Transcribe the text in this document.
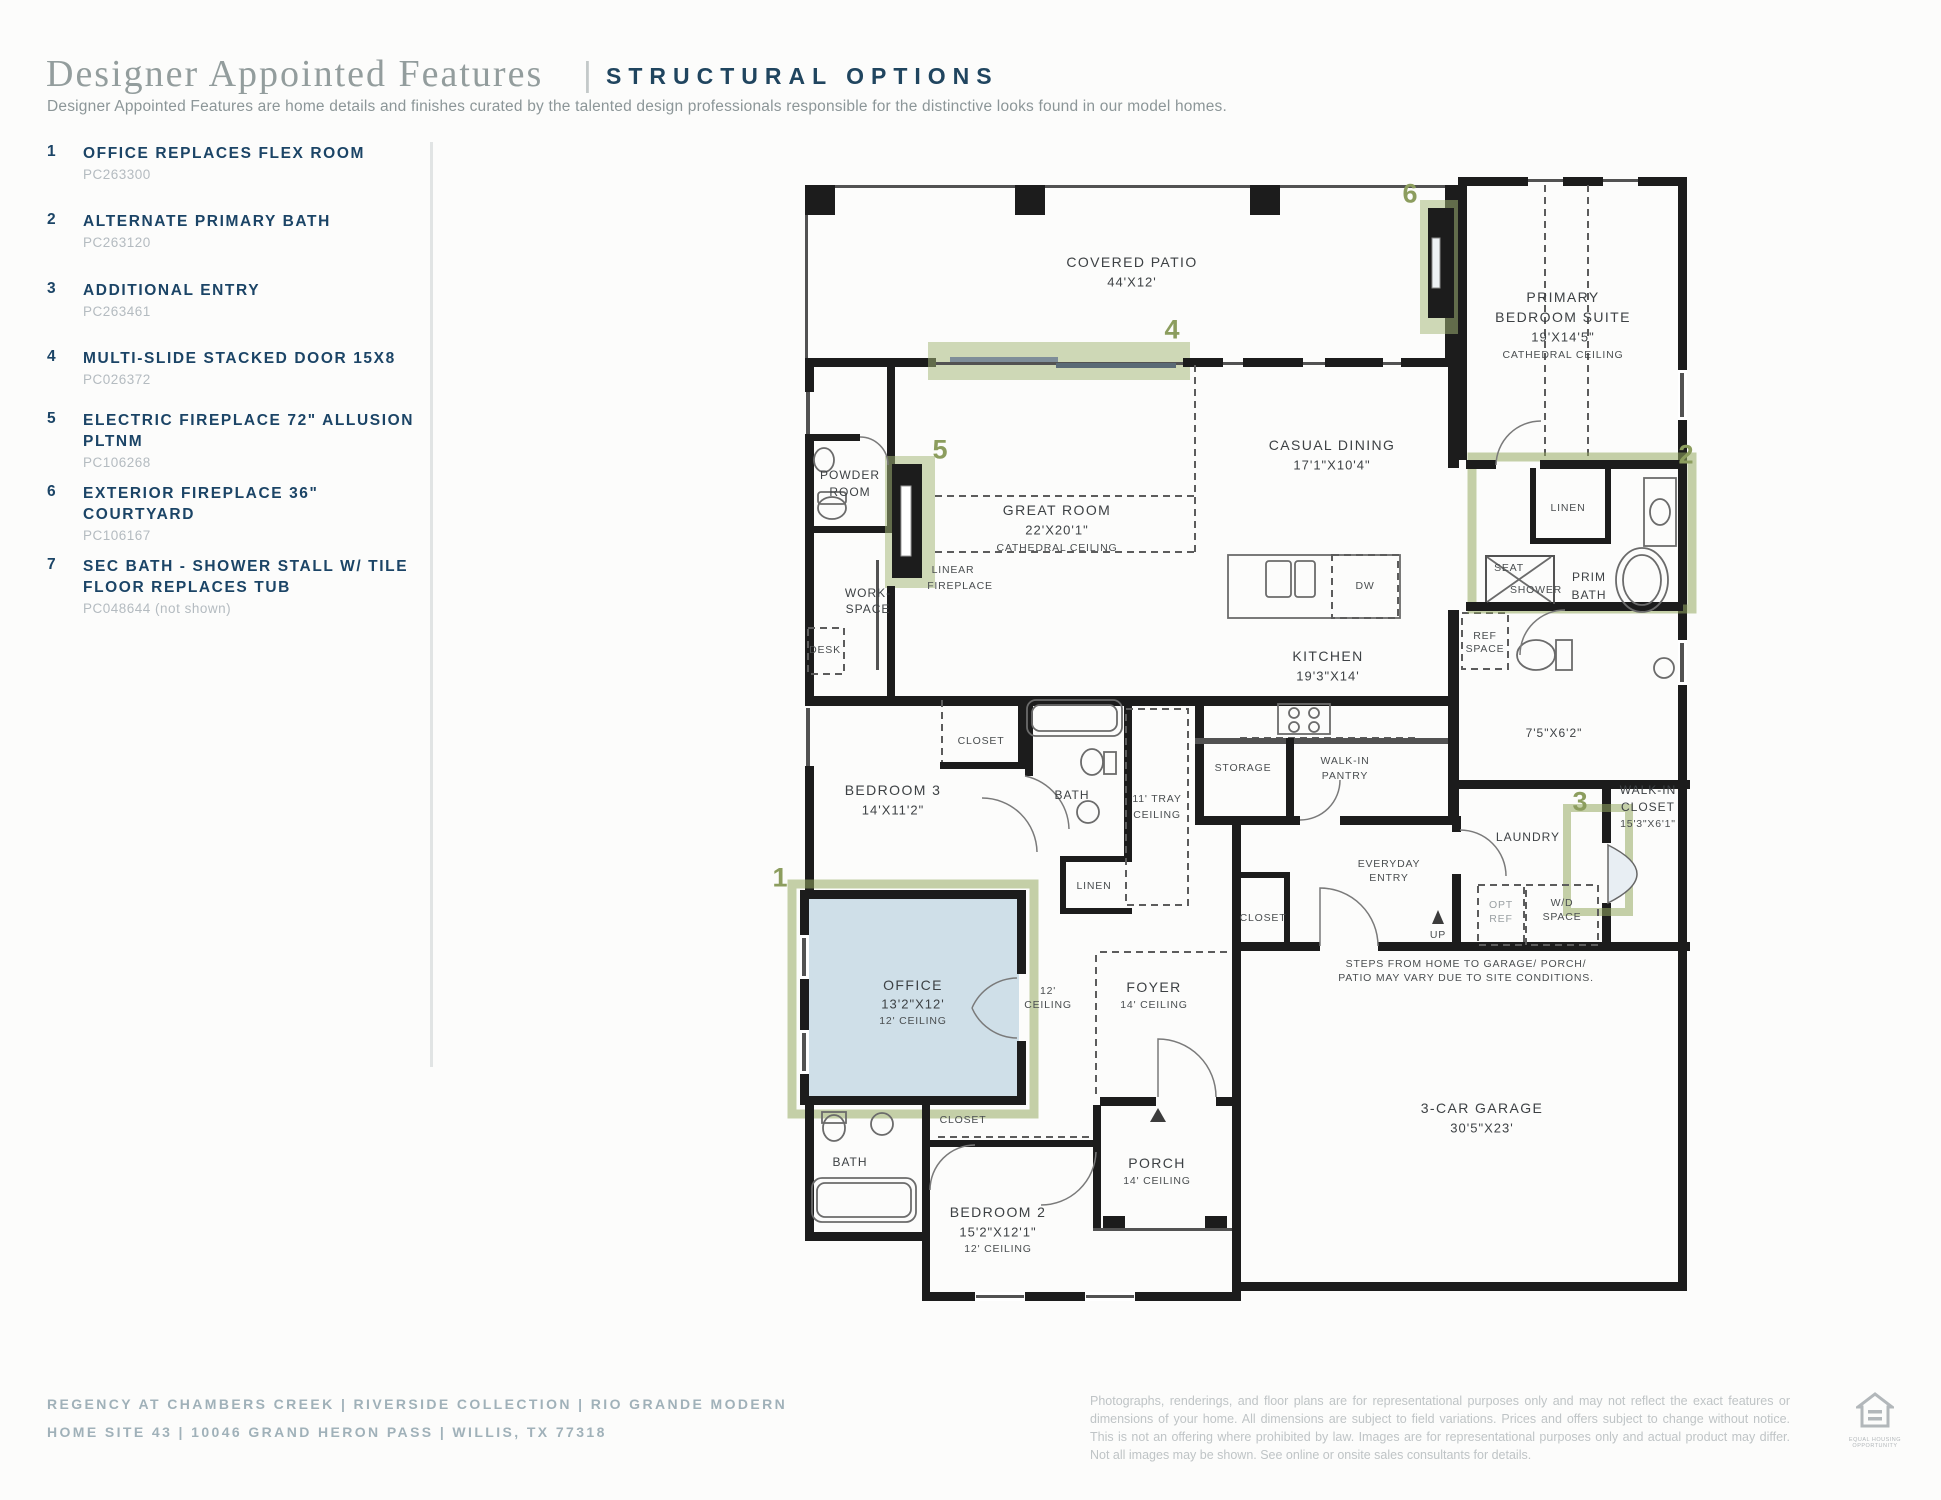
Designer Appointed Features | STRUCTURAL OPTIONS
Designer Appointed Features are home details and finishes curated by the talented design professionals responsible for the distinctive looks found in our model homes.
1	OFFICE REPLACES FLEX ROOM
PC263300
2	ALTERNATE PRIMARY BATH
PC263120
3	ADDITIONAL ENTRY
PC263461
4	MULTI-SLIDE STACKED DOOR 15X8
PC026372
5	ELECTRIC FIREPLACE 72" ALLUSION PLTNM
PC106268
6	EXTERIOR FIREPLACE 36" COURTYARD
PC106167
7	SEC BATH - SHOWER STALL W/ TILE FLOOR REPLACES TUB
PC048644 (not shown)
COVERED PATIO
44'X12'
PRIMARY
BEDROOM SUITE
19'X14'5"
CATHEDRAL CEILING
CASUAL DINING
17'1"X10'4"
GREAT ROOM
22'X20'1"
CATHEDRAL CEILING
POWDER
ROOM
LINEAR
FIREPLACE
WORK-
SPACE
DESK	KITCHEN
19'3"X14'
DW
REF
SPACE
LINEN
SEAT
SHOWER
PRIM
BATH
7'5"X6'2"
BEDROOM 3
14'X11'2"
CLOSET
BATH	11' TRAY
CEILING
LINEN
STORAGE
WALK-IN
PANTRY
EVERYDAY
ENTRY
CLOSET
LAUNDRY
OPT
REF
W/D
SPACE
WALK-IN
CLOSET
15'3"X6'1"
OFFICE
13'2"X12'
12' CEILING
CLOSET
BATH
BEDROOM 2
15'2"X12'1"
12' CEILING
12'
CEILING
FOYER
14' CEILING
PORCH
14' CEILING
3-CAR GARAGE
30'5"X23'
UP
STEPS FROM HOME TO GARAGE/ PORCH/
PATIO MAY VARY DUE TO SITE CONDITIONS.
1
2
3
4
5
6
REGENCY AT CHAMBERS CREEK | RIVERSIDE COLLECTION | RIO GRANDE MODERN
HOME SITE 43 | 10046 GRAND HERON PASS | WILLIS, TX 77318
Photographs, renderings, and floor plans are for representational purposes only and may not reflect the exact features or dimensions of your home. All dimensions are subject to field variations. Prices and offers subject to change without notice. This is not an offering where prohibited by law. Images are for representational purposes only and actual product may differ. Not all images may be shown. See online or onsite sales consultants for details.
EQUAL HOUSING OPPORTUNITY
